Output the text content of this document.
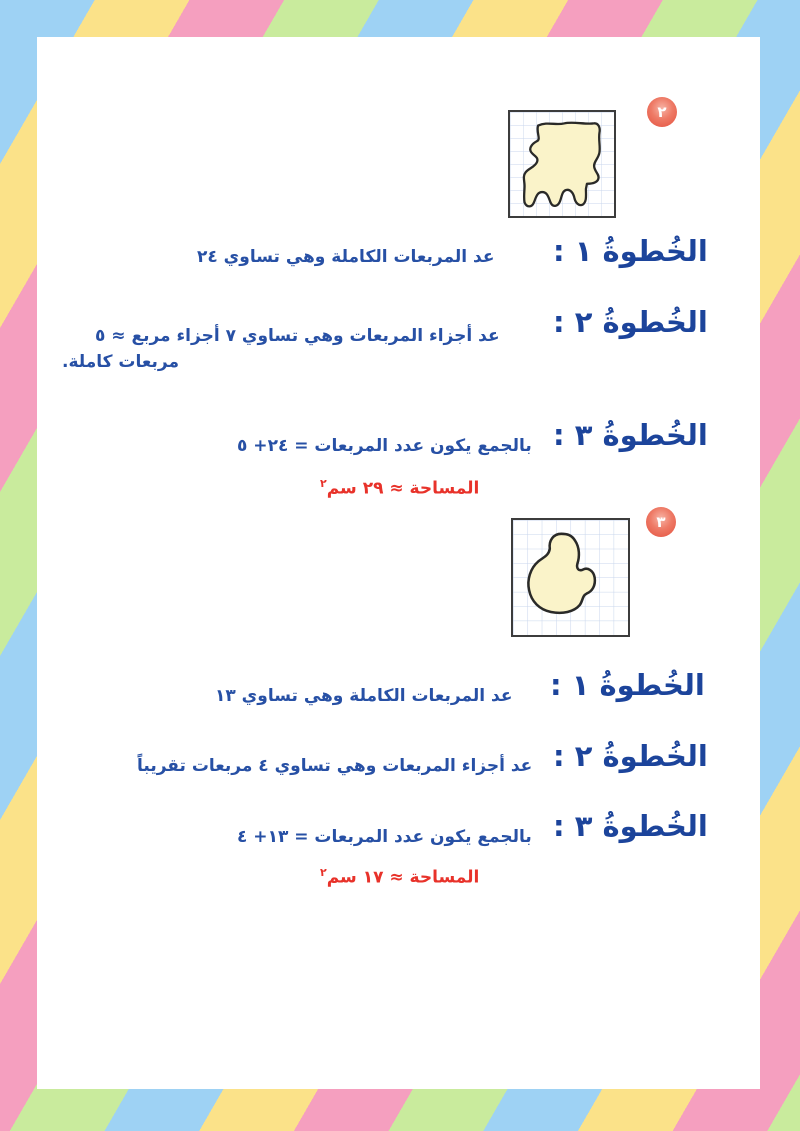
٢
الخُطوةُ ١ :
عد المربعات الكاملة وهي تساوي ٢٤
الخُطوةُ ٢ :
عد أجزاء المربعات وهي تساوي ٧ أجزاء مربع ≈ ٥
مربعات كاملة.
الخُطوةُ ٣ :
بالجمع يكون عدد المربعات = ٢٤+ ٥
المساحة ≈ ٢٩ سم$^٢$
٣
الخُطوةُ ١ :
عد المربعات الكاملة وهي تساوي ١٣
الخُطوةُ ٢ :
عد أجزاء المربعات وهي تساوي ٤ مربعات تقريباً
الخُطوةُ ٣ :
بالجمع يكون عدد المربعات = ١٣+ ٤
المساحة ≈ ١٧ سم$^٢$
